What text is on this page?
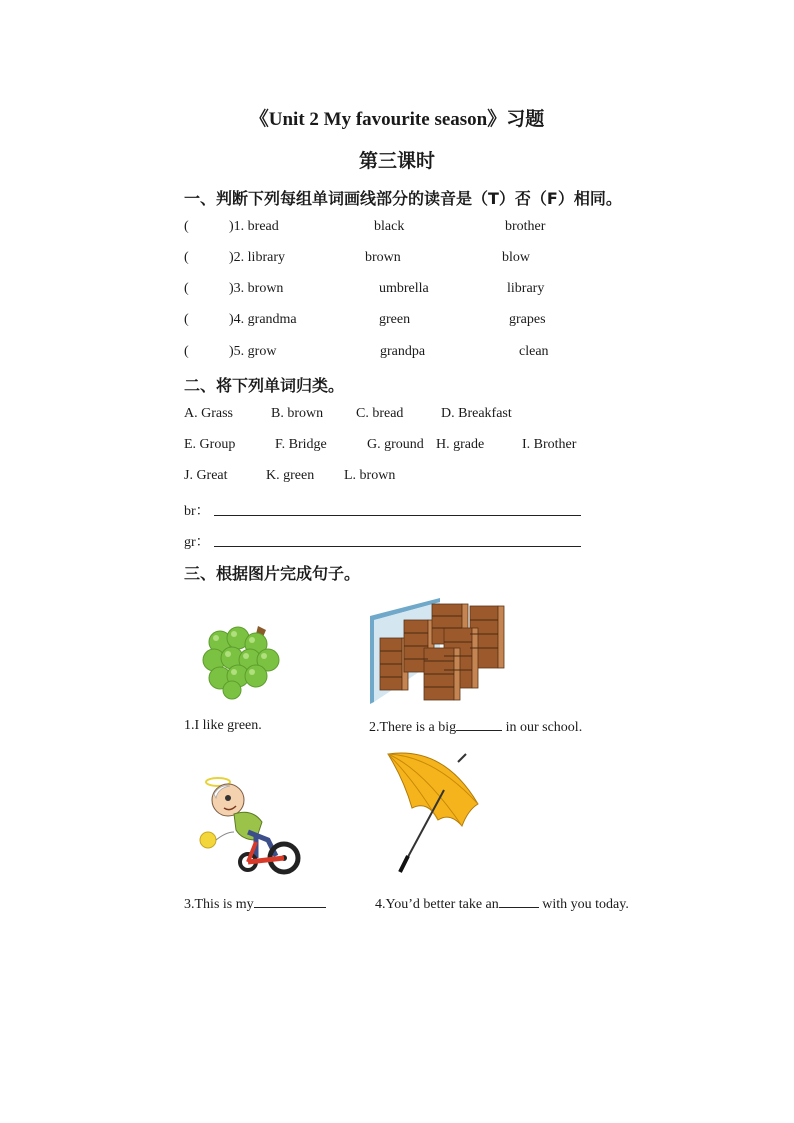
《Unit 2 My favourite season》习题
第三课时
一、判断下列每组单词画线部分的读音是（T）否（F）相同。
(	)1. bread	black	brother
(	)2. library	brown	blow
(	)3. brown	umbrella	library
(	)4. grandma	green	grapes
(	)5. grow	grandpa	clean
二、将下列单词归类。
A. Grass	B. brown C. bread	D. Breakfast
E. Group	F. Bridge	G. ground H. grade	I. Brother
J. Great	K. green L. brown
br：
gr：
三、根据图片完成句子。
1.I like green.	2.There is a big	in our school.
3.This is my	4.You’d better take an	with you today.
